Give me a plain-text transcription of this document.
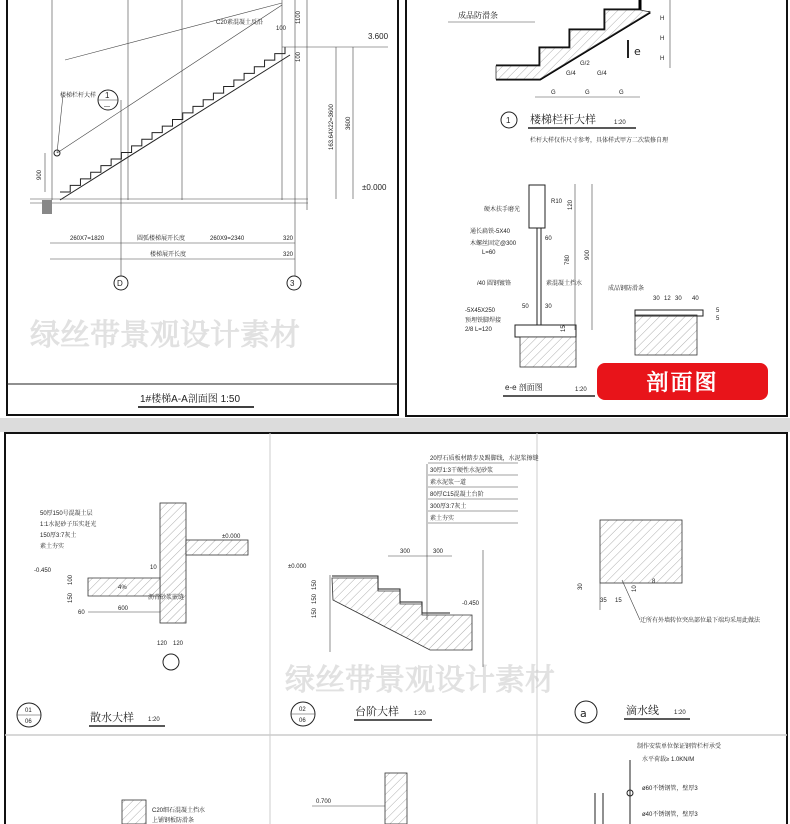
绿丝带景观设计素材
绿丝带景观设计素材
楼梯栏杆大样 1
—
C20素混凝土反沿
100
1100
100
3.600
±0.000
163.64X22=3600 3600
900
260X7=1820	圆弧楼梯展开长度	260X9=2340	320
320
楼梯展开长度
D	3
1#楼梯A-A剖面图 1:50
成品防滑条
e
H
H
H
G	G	G
G/2
G/4	G/4
1 楼梯栏杆大样	1:20
栏杆大样仅作尺寸参考，具体样式甲方二次装修自理
硬木扶手磨光
R10
通长扁铁-5X40
木螺丝固定@300
L=60
60
120
780 900
/40 圆钢镀铬	素混凝土挡水
-5X45X250
50	30
预埋铁脚焊接
2/8 L=120	15
e-e 剖面图	1:20
成品钢防滑条
30 12 30 40
5
5
50厚150号混凝土层
1:1水泥砂子压实赶光
150厚3:7灰土
素土夯实
沥青砂浆嵌缝
4%
-0.450
±0.000
10
100
150
60
600
120 120
01
06	散水大样 1:20
20厚石质板材踏步及踢脚线，水泥浆擦缝
30厚1:3干硬性水泥砂浆
素水泥浆一道
80厚C15混凝土台阶
300厚3:7灰土
素土夯实
300	300
±0.000
-0.450
150
150
150
02
06
台阶大样	1:20
30
35 15
10
8
迁所有外墙转位突出部位最下端均采用此做法
a	滴水线	1:20
C20细石混凝土挡水
上铺钢板防滑条
0.700
制作安装单位保证钢管栏杆承受
水平荷载≥ 1.0KN/M
ø60不锈钢管，壁厚3
ø40不锈钢管，壁厚3
剖面图
